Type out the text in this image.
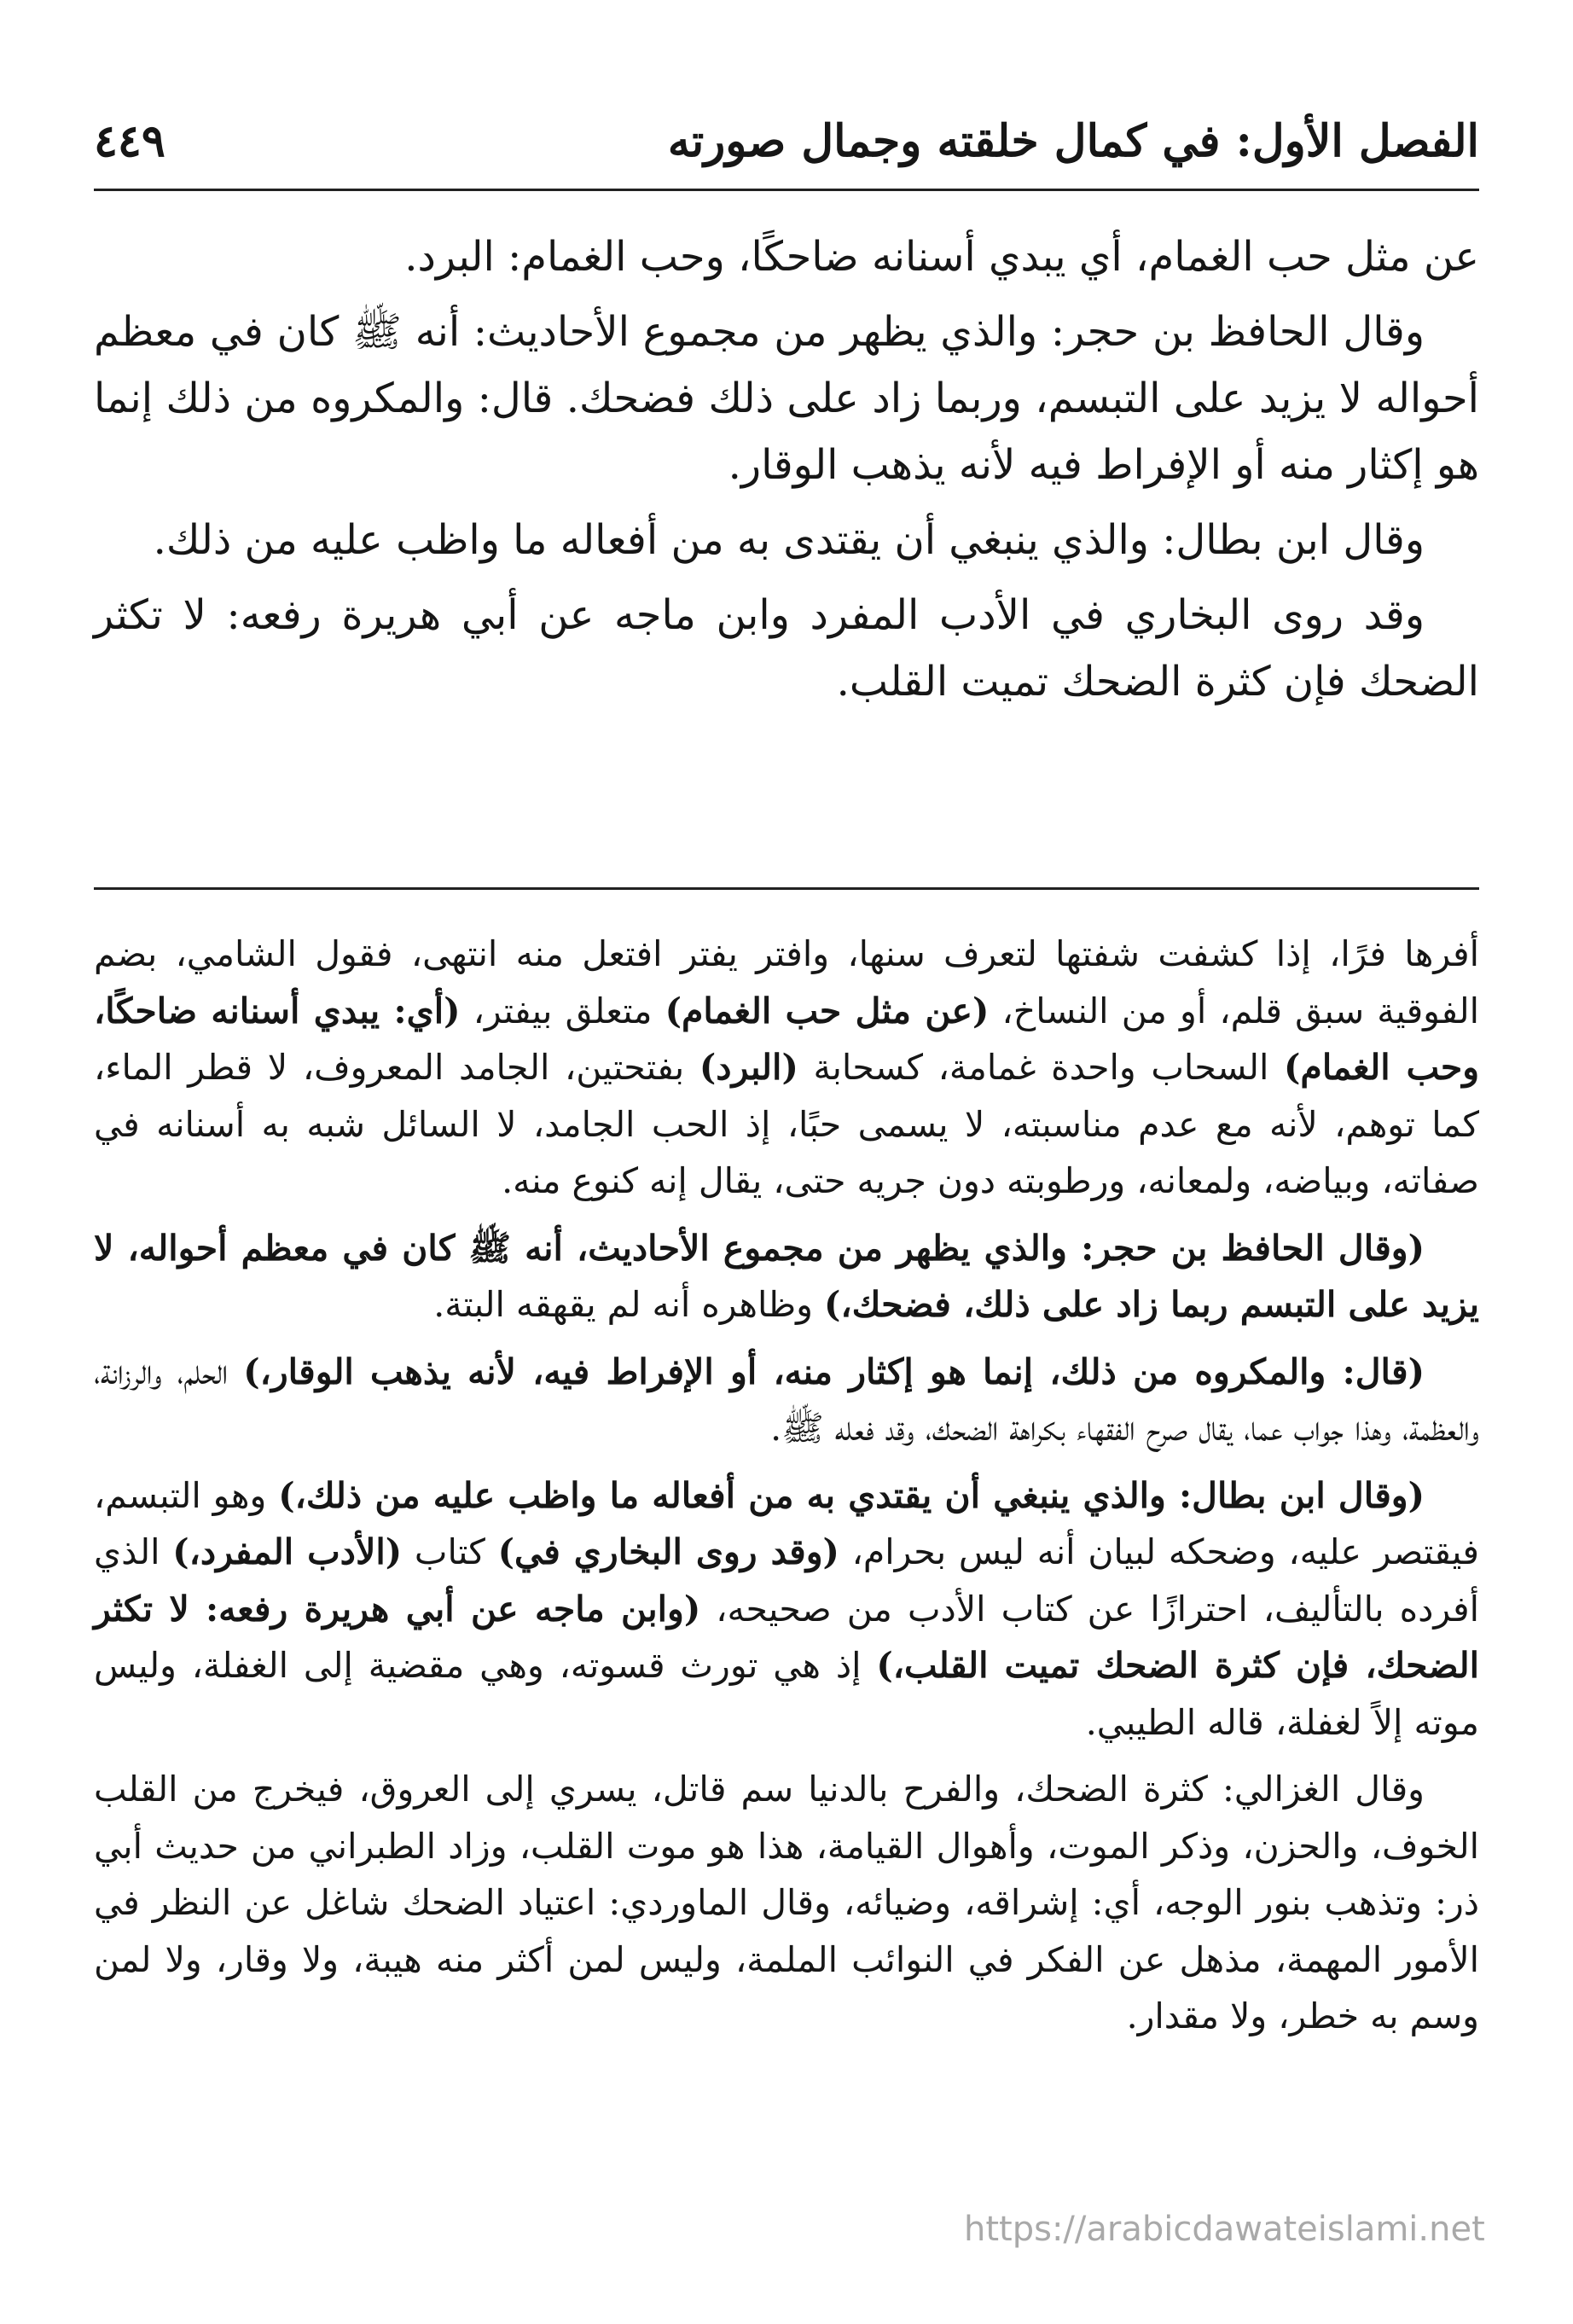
الفصل الأول: في كمال خلقته وجمال صورته
٤٤٩

عن مثل حب الغمام، أي يبدي أسنانه ضاحكًا، وحب الغمام: البرد.

وقال الحافظ بن حجر: والذي يظهر من مجموع الأحاديث: أنه ﷺ كان في معظم أحواله لا يزيد على التبسم، وربما زاد على ذلك فضحك. قال: والمكروه من ذلك إنما هو إكثار منه أو الإفراط فيه لأنه يذهب الوقار.

وقال ابن بطال: والذي ينبغي أن يقتدى به من أفعاله ما واظب عليه من ذلك.

وقد روى البخاري في الأدب المفرد وابن ماجه عن أبي هريرة رفعه: لا تكثر الضحك فإن كثرة الضحك تميت القلب.

أفرها فرًا، إذا كشفت شفتها لتعرف سنها، وافتر يفتر افتعل منه انتهى، فقول الشامي، بضم الفوقية سبق قلم، أو من النساخ، (عن مثل حب الغمام) متعلق بيفتر، (أي: يبدي أسنانه ضاحكًا، وحب الغمام) السحاب واحدة غمامة، كسحابة (البرد) بفتحتين، الجامد المعروف، لا قطر الماء، كما توهم، لأنه مع عدم مناسبته، لا يسمى حبًا، إذ الحب الجامد، لا السائل شبه به أسنانه في صفاته، وبياضه، ولمعانه، ورطوبته دون جريه حتى، يقال إنه كنوع منه.

(وقال الحافظ بن حجر: والذي يظهر من مجموع الأحاديث، أنه ﷺ كان في معظم أحواله، لا يزيد على التبسم ربما زاد على ذلك، فضحك،) وظاهره أنه لم يقهقه البتة.

(قال: والمكروه من ذلك، إنما هو إكثار منه، أو الإفراط فيه، لأنه يذهب الوقار،) الحلم، والرزانة، والعظمة، وهذا جواب عما، يقال صرح الفقهاء بكراهة الضحك، وقد فعله ﷺ.

(وقال ابن بطال: والذي ينبغي أن يقتدي به من أفعاله ما واظب عليه من ذلك،) وهو التبسم، فيقتصر عليه، وضحكه لبيان أنه ليس بحرام، (وقد روى البخاري في) كتاب (الأدب المفرد،) الذي أفرده بالتأليف، احترازًا عن كتاب الأدب من صحيحه، (وابن ماجه عن أبي هريرة رفعه: لا تكثر الضحك، فإن كثرة الضحك تميت القلب،) إذ هي تورث قسوته، وهي مقضية إلى الغفلة، وليس موته إلاً لغفلة، قاله الطيبي.

وقال الغزالي: كثرة الضحك، والفرح بالدنيا سم قاتل، يسري إلى العروق، فيخرج من القلب الخوف، والحزن، وذكر الموت، وأهوال القيامة، هذا هو موت القلب، وزاد الطبراني من حديث أبي ذر: وتذهب بنور الوجه، أي: إشراقه، وضيائه، وقال الماوردي: اعتياد الضحك شاغل عن النظر في الأمور المهمة، مذهل عن الفكر في النوائب الملمة، وليس لمن أكثر منه هيبة، ولا وقار، ولا لمن وسم به خطر، ولا مقدار.

https://arabicdawateislami.net
